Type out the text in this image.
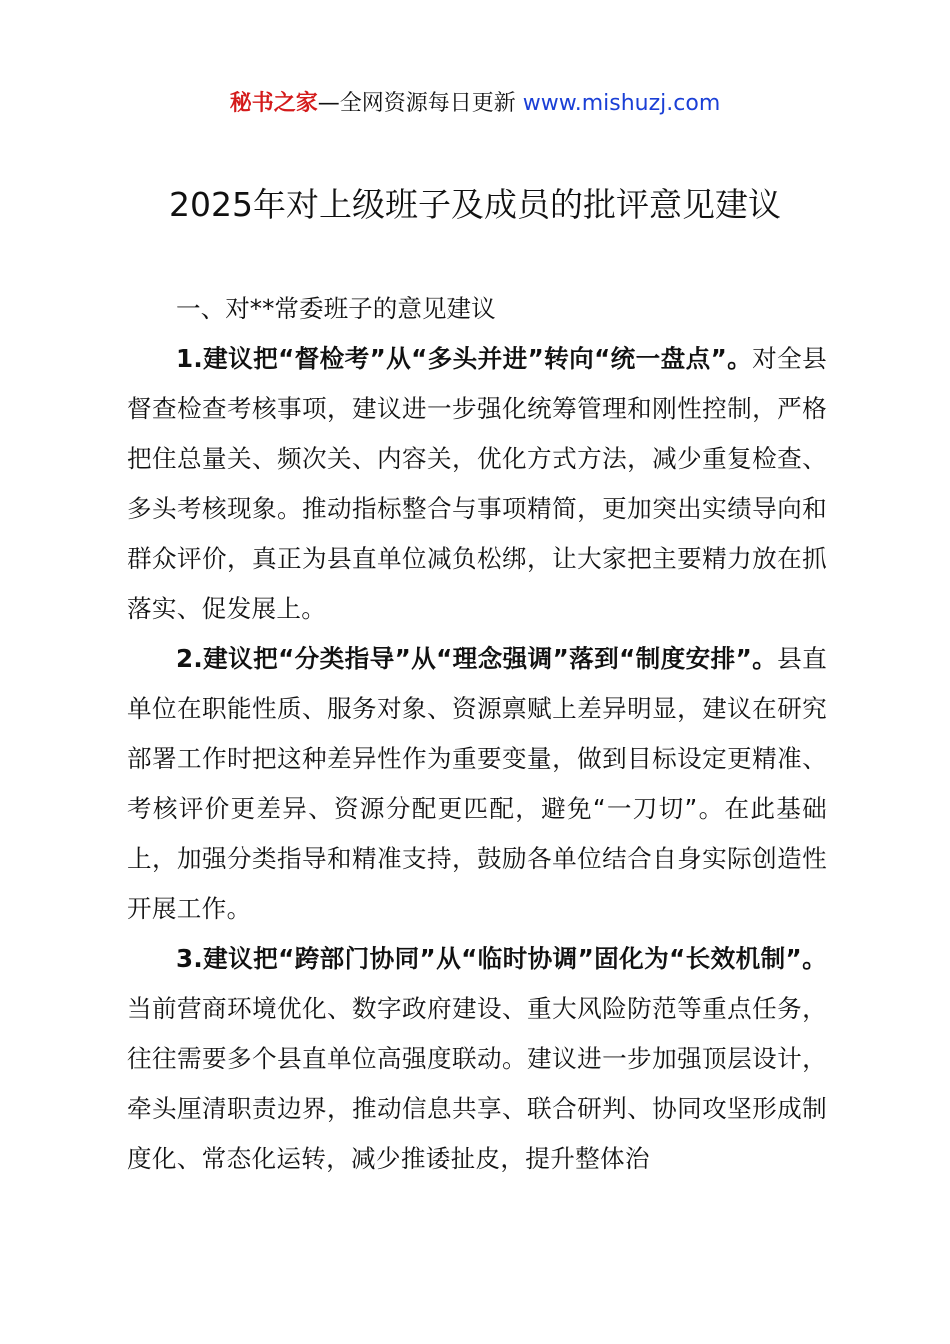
秘书之家—全网资源每日更新 www.mishuzj.com
2025年对上级班子及成员的批评意见建议
一、对**常委班子的意见建议

1.建议把“督检考”从“多头并进”转向“统一盘点”。对全县督查检查考核事项，建议进一步强化统筹管理和刚性控制，严格把住总量关、频次关、内容关，优化方式方法，减少重复检查、多头考核现象。推动指标整合与事项精简，更加突出实绩导向和群众评价，真正为县直单位减负松绑，让大家把主要精力放在抓落实、促发展上。

2.建议把“分类指导”从“理念强调”落到“制度安排”。县直单位在职能性质、服务对象、资源禀赋上差异明显，建议在研究部署工作时把这种差异性作为重要变量，做到目标设定更精准、考核评价更差异、资源分配更匹配，避免“一刀切”。在此基础上，加强分类指导和精准支持，鼓励各单位结合自身实际创造性开展工作。

3.建议把“跨部门协同”从“临时协调”固化为“长效机制”。当前营商环境优化、数字政府建设、重大风险防范等重点任务，往往需要多个县直单位高强度联动。建议进一步加强顶层设计，牵头厘清职责边界，推动信息共享、联合研判、协同攻坚形成制度化、常态化运转，减少推诿扯皮，提升整体治
